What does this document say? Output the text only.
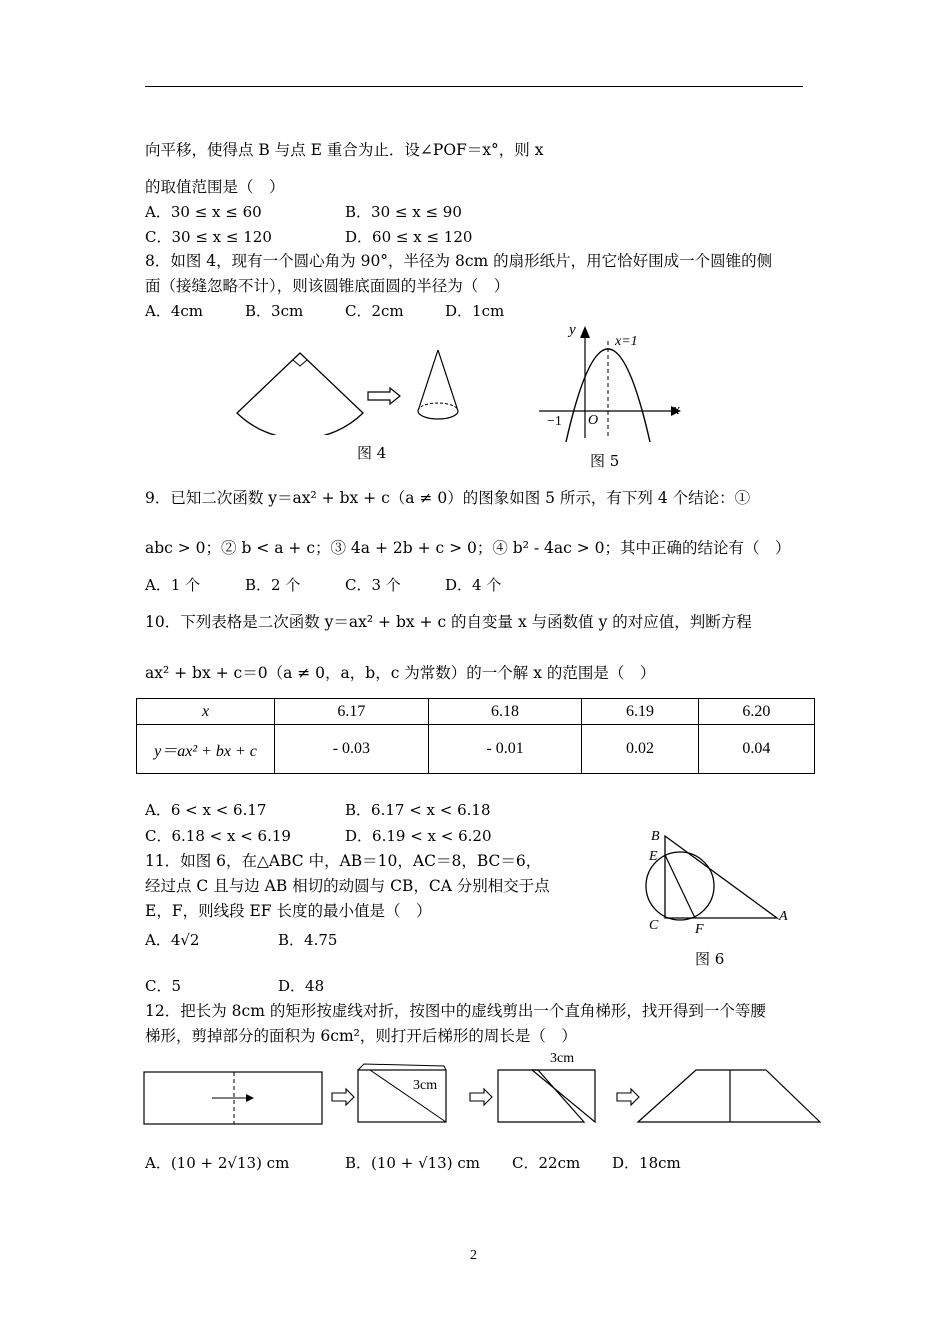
向平移，使得点 B 与点 E 重合为止．设∠POF＝x°，则 x
的取值范围是（　）
A．30 ≤ x ≤ 60	B．30 ≤ x ≤ 90
C．30 ≤ x ≤ 120	D．60 ≤ x ≤ 120
8．如图 4，现有一个圆心角为 90°，半径为 8cm 的扇形纸片，用它恰好围成一个圆锥的侧
面（接缝忽略不计），则该圆锥底面圆的半径为（　）
A．4cm	B．3cm	C．2cm	D．1cm
图 4
y
x
x=1
−1 O
图 5
9．已知二次函数 y＝ax² + bx + c（a ≠ 0）的图象如图 5 所示，有下列 4 个结论：①
abc > 0；② b < a + c；③ 4a + 2b + c > 0；④ b² - 4ac > 0；其中正确的结论有（　）
A．1 个	B．2 个	C．3 个	D．4 个
10．下列表格是二次函数 y＝ax² + bx + c 的自变量 x 与函数值 y 的对应值，判断方程
ax² + bx + c＝0（a ≠ 0，a，b，c 为常数）的一个解 x 的范围是（　）
x	6.17	6.18	6.19	6.20
y＝ax² + bx + c	- 0.03	- 0.01	0.02	0.04
A．6 < x < 6.17	B．6.17 < x < 6.18
C．6.18 < x < 6.19	D．6.19 < x < 6.20
11．如图 6，在△ABC 中，AB＝10，AC＝8，BC＝6，
经过点 C 且与边 AB 相切的动圆与 CB，CA 分别相交于点
E，F，则线段 EF 长度的最小值是（　）
A．4√2	B．4.75
C．5	D．48
B
E
C	F
A
图 6
12．把长为 8cm 的矩形按虚线对折，按图中的虚线剪出一个直角梯形，找开得到一个等腰
梯形，剪掉部分的面积为 6cm²，则打开后梯形的周长是（　）
3cm
3cm
A．(10 + 2√13) cm	B．(10 + √13) cm C．22cm D．18cm
2
